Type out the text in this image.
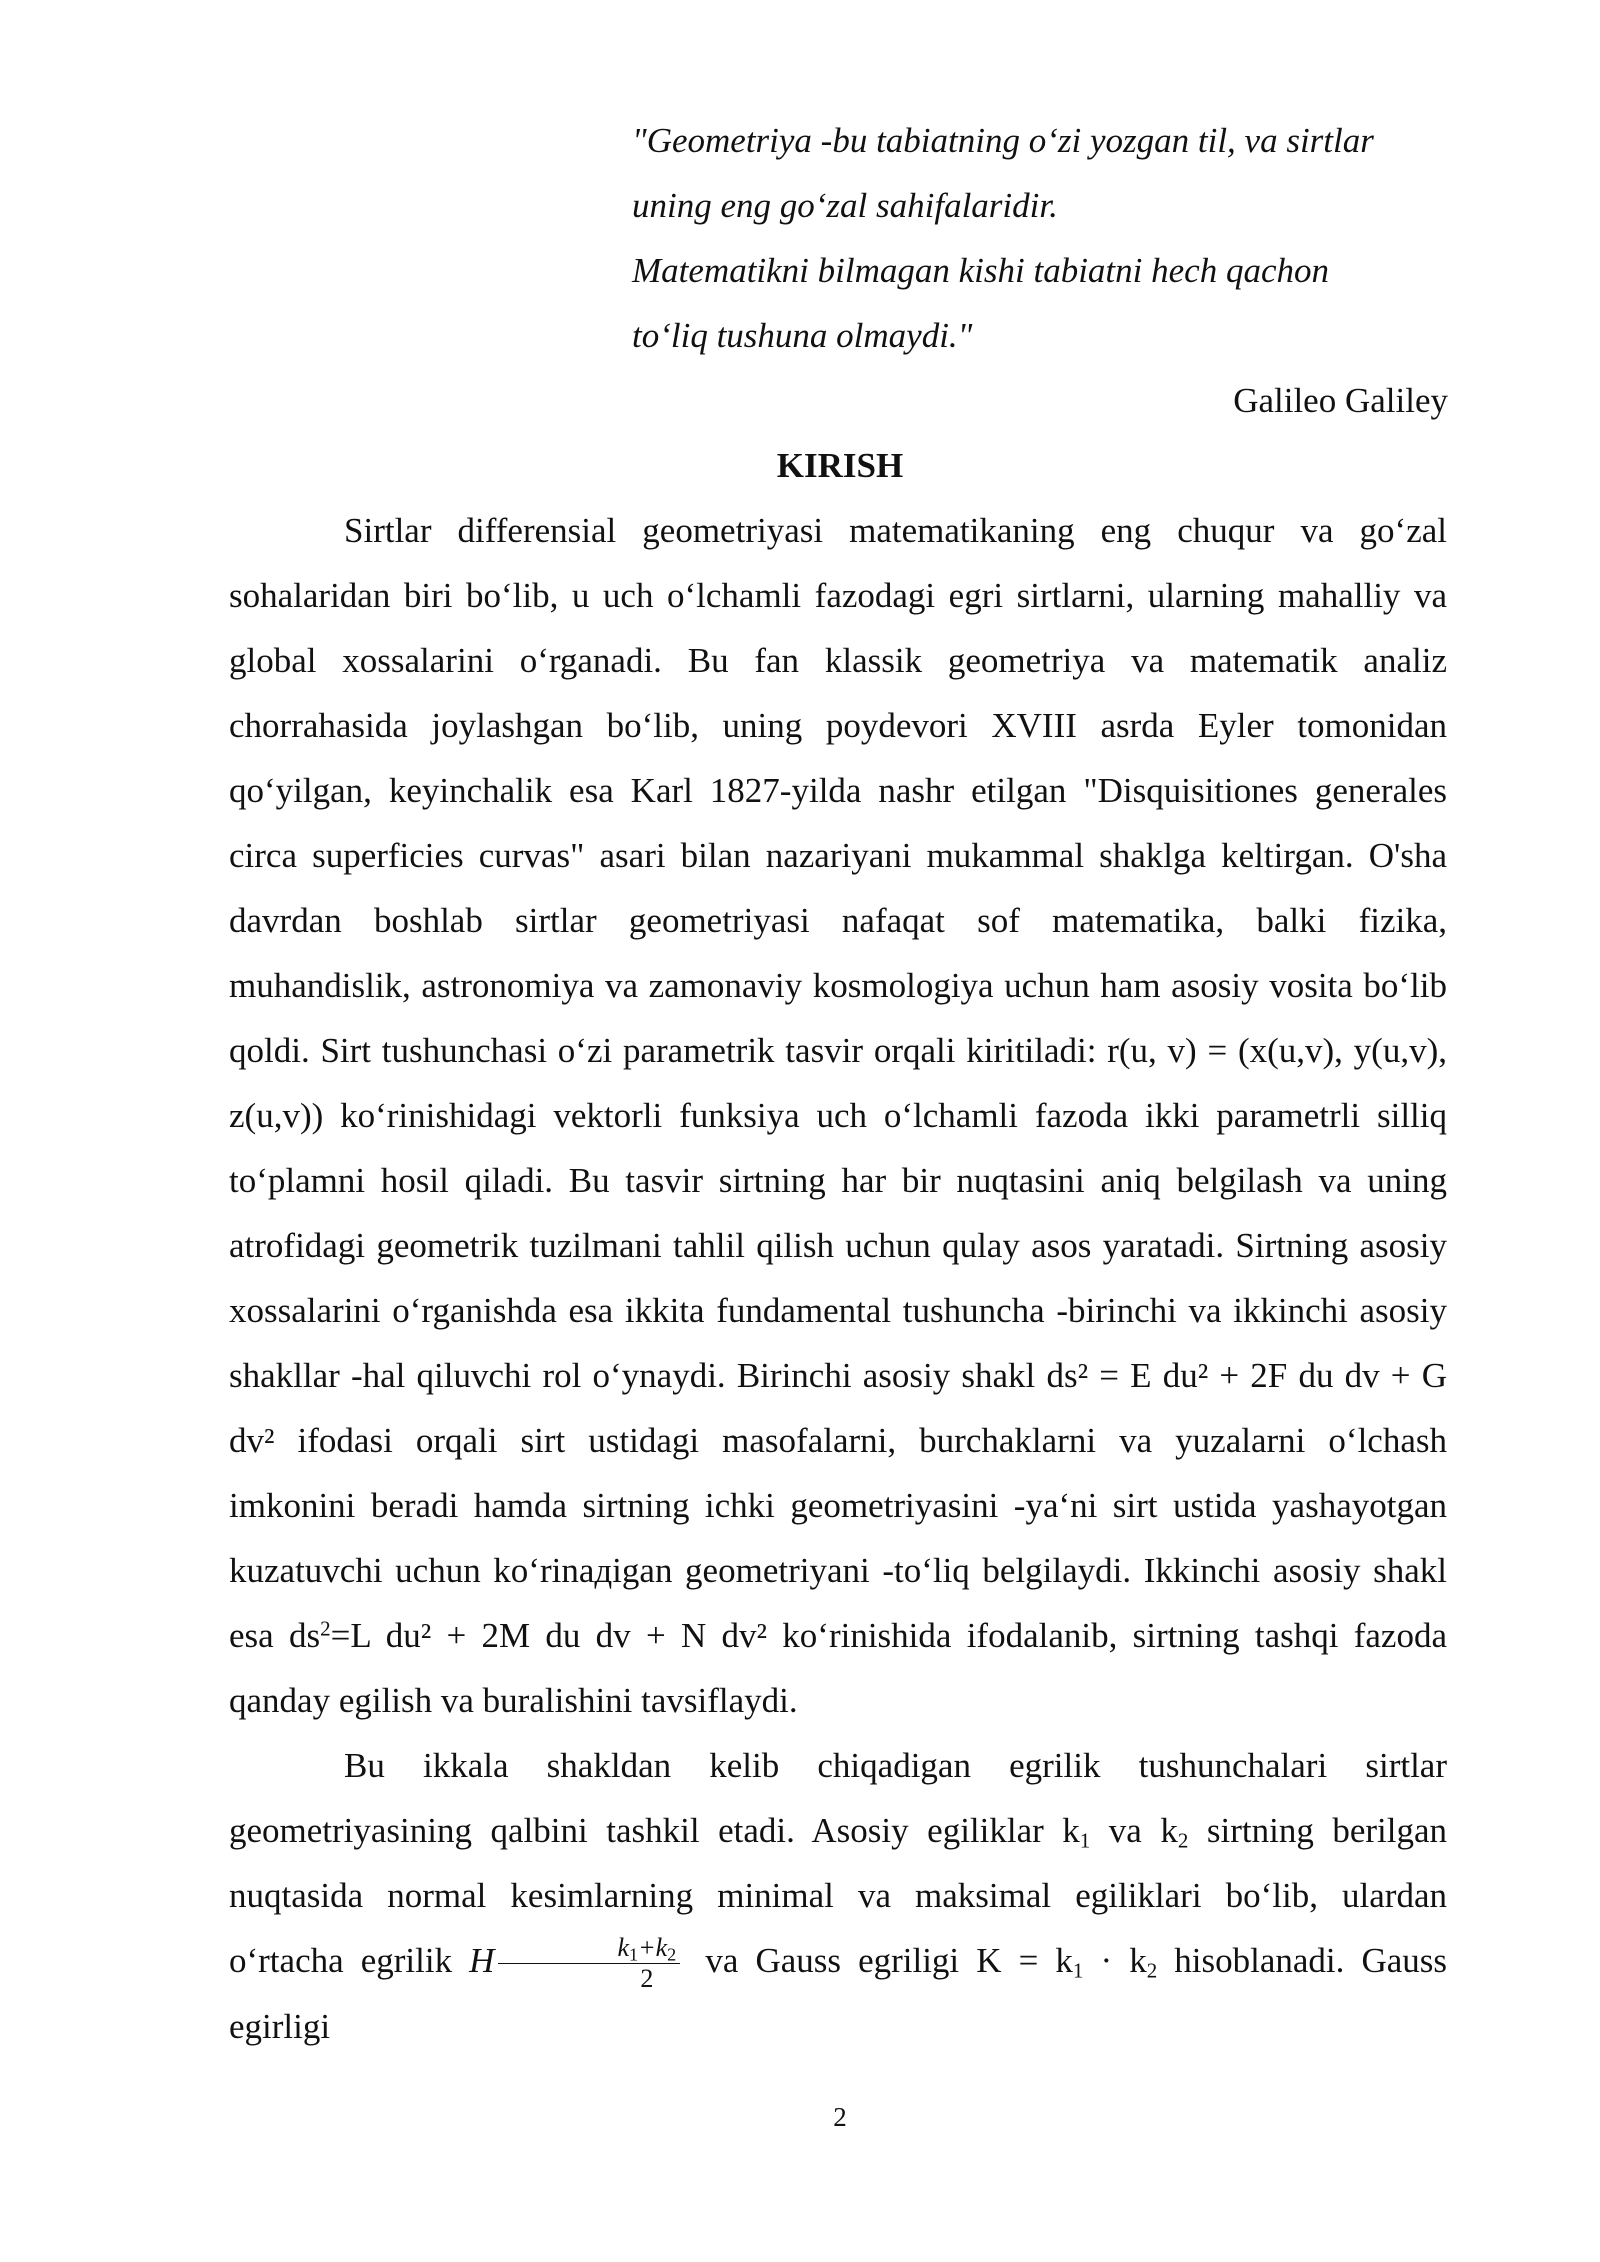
"Geometriya -bu tabiatning o‘zi yozgan til, va sirtlar
uning eng go‘zal sahifalaridir.
Matematikni bilmagan kishi tabiatni hech qachon
to‘liq tushuna olmaydi."
Galileo Galiley
KIRISH

Sirtlar differensial geometriyasi matematikaning eng chuqur va go‘zal sohalaridan biri bo‘lib, u uch o‘lchamli fazodagi egri sirtlarni, ularning mahalliy va global xossalarini o‘rganadi. Bu fan klassik geometriya va matematik analiz chorrahasida joylashgan bo‘lib, uning poydevori XVIII asrda Eyler tomonidan qo‘yilgan, keyinchalik esa Karl 1827-yilda nashr etilgan "Disquisitiones generales circa superficies curvas" asari bilan nazariyani mukammal shaklga keltirgan. O'sha davrdan boshlab sirtlar geometriyasi nafaqat sof matematika, balki fizika, muhandislik, astronomiya va zamonaviy kosmologiya uchun ham asosiy vosita bo‘lib qoldi. Sirt tushunchasi o‘zi parametrik tasvir orqali kiritiladi: r(u, v) = (x(u,v), y(u,v), z(u,v)) ko‘rinishidagi vektorli funksiya uch o‘lchamli fazoda ikki parametrli silliq to‘plamni hosil qiladi. Bu tasvir sirtning har bir nuqtasini aniq belgilash va uning atrofidagi geometrik tuzilmani tahlil qilish uchun qulay asos yaratadi. Sirtning asosiy xossalarini o‘rganishda esa ikkita fundamental tushuncha -birinchi va ikkinchi asosiy shakllar -hal qiluvchi rol o‘ynaydi. Birinchi asosiy shakl ds² = E du² + 2F du dv + G dv² ifodasi orqali sirt ustidagi masofalarni, burchaklarni va yuzalarni o‘lchash imkonini beradi hamda sirtning ichki geometriyasini -ya‘ni sirt ustida yashayotgan kuzatuvchi uchun ko‘rinадigan geometriyani -to‘liq belgilaydi. Ikkinchi asosiy shakl esa $ds^2=L$ du² + 2M du dv + N dv² ko‘rinishida ifodalanib, sirtning tashqi fazoda qanday egilish va buralishini tavsiflaydi.

Bu ikkala shakldan kelib chiqadigan egrilik tushunchalari sirtlar geometriyasining qalbini tashkil etadi. Asosiy egiliklar $k_1$ va $k_2$ sirtning berilgan nuqtasida normal kesimlarning minimal va maksimal egiliklari bo‘lib, ulardan o‘rtacha egrilik H $\frac{k_1+k_2}{2}$ va Gauss egriligi $K = k_1 \cdot k_2$ hisoblanadi. Gauss egirligi

2
